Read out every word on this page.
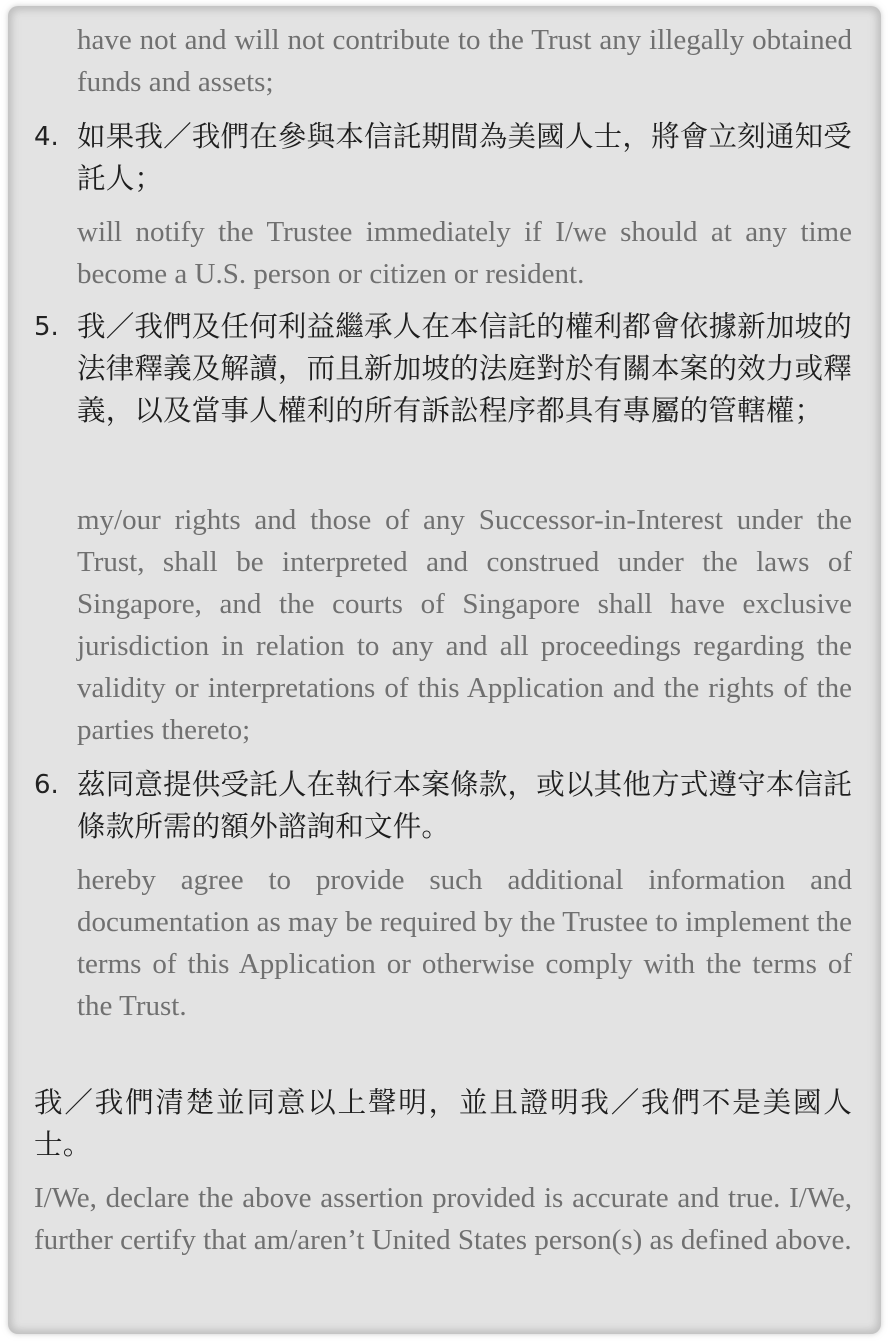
have not and will not contribute to the Trust any illegally obtained funds and assets;

4. 如果我／我們在參與本信託期間為美國人士，將會立刻通知受託人；

will notify the Trustee immediately if I/we should at any time become a U.S. person or citizen or resident.

5. 我／我們及任何利益繼承人在本信託的權利都會依據新加坡的法律釋義及解讀，而且新加坡的法庭對於有關本案的效力或釋義，以及當事人權利的所有訴訟程序都具有專屬的管轄權；

my/our rights and those of any Successor-in-Interest under the Trust, shall be interpreted and construed under the laws of Singapore, and the courts of Singapore shall have exclusive jurisdiction in relation to any and all proceedings regarding the validity or interpretations of this Application and the rights of the parties thereto;

6. 茲同意提供受託人在執行本案條款，或以其他方式遵守本信託條款所需的額外諮詢和文件。

hereby agree to provide such additional information and documentation as may be required by the Trustee to implement the terms of this Application or otherwise comply with the terms of the Trust.

我／我們清楚並同意以上聲明，並且證明我／我們不是美國人士。

I/We, declare the above assertion provided is accurate and true. I/We, further certify that am/aren’t United States person(s) as defined above.
